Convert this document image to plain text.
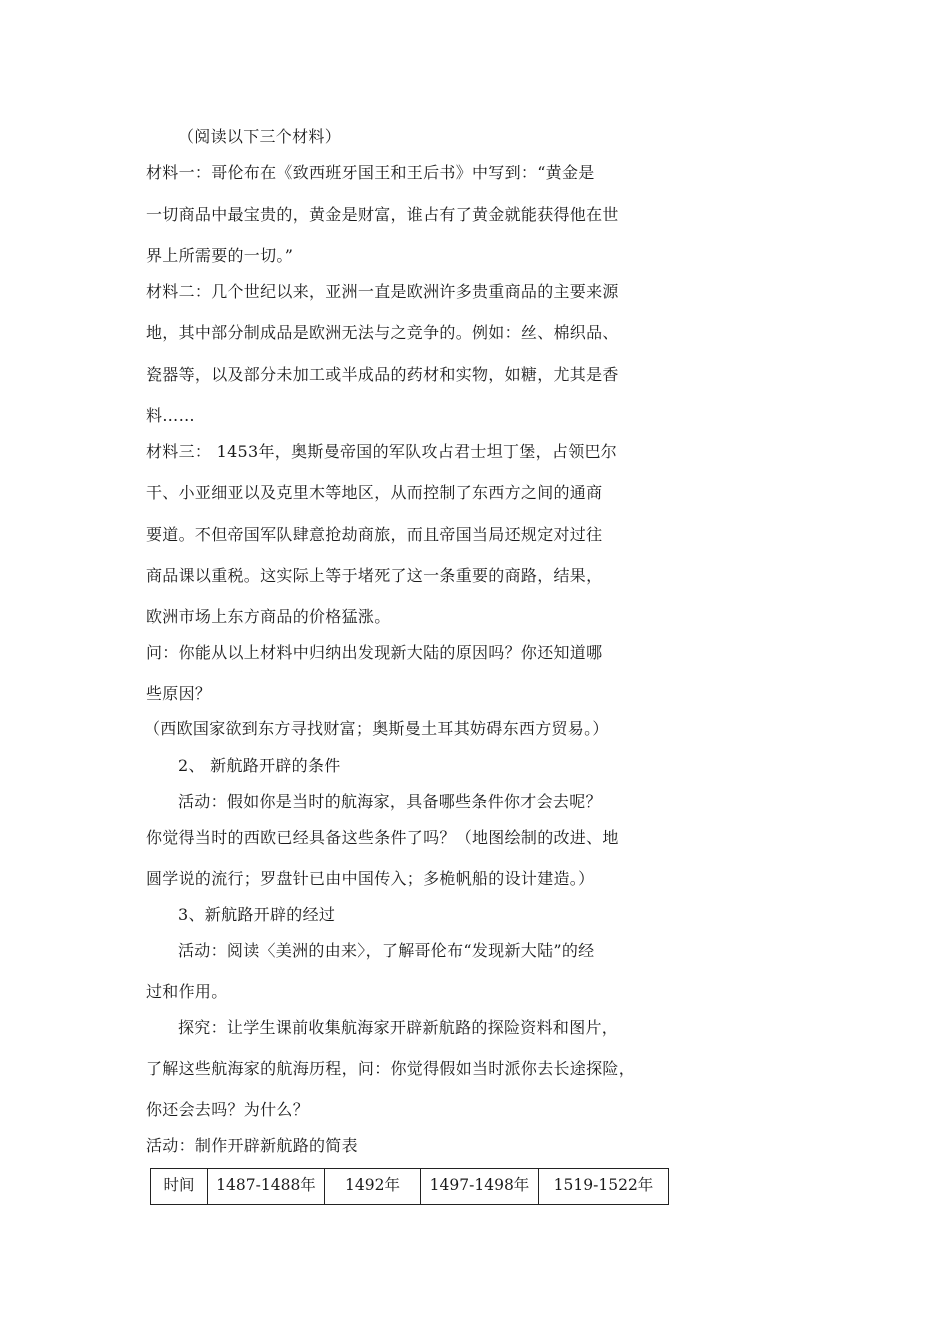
（阅读以下三个材料）
材料一：哥伦布在《致西班牙国王和王后书》中写到：“黄金是
一切商品中最宝贵的，黄金是财富，谁占有了黄金就能获得他在世
界上所需要的一切。”
材料二：几个世纪以来，亚洲一直是欧洲许多贵重商品的主要来源
地，其中部分制成品是欧洲无法与之竞争的。例如：丝、棉织品、
瓷器等，以及部分未加工或半成品的药材和实物，如糖，尤其是香
料……
材料三： 1453年，奥斯曼帝国的军队攻占君士坦丁堡，占领巴尔
干、小亚细亚以及克里木等地区，从而控制了东西方之间的通商
要道。不但帝国军队肆意抢劫商旅，而且帝国当局还规定对过往
商品课以重税。这实际上等于堵死了这一条重要的商路，结果，
欧洲市场上东方商品的价格猛涨。
问：你能从以上材料中归纳出发现新大陆的原因吗？你还知道哪
些原因？
（西欧国家欲到东方寻找财富；奥斯曼土耳其妨碍东西方贸易。）
2、 新航路开辟的条件
活动：假如你是当时的航海家，具备哪些条件你才会去呢？
你觉得当时的西欧已经具备这些条件了吗？（地图绘制的改进、地
圆学说的流行；罗盘针已由中国传入；多桅帆船的设计建造。）
3、新航路开辟的经过
活动：阅读〈美洲的由来〉，了解哥伦布“发现新大陆”的经
过和作用。
探究：让学生课前收集航海家开辟新航路的探险资料和图片，
了解这些航海家的航海历程，问：你觉得假如当时派你去长途探险，
你还会去吗？为什么？
活动：制作开辟新航路的简表
时间	1487-1488年	1492年	1497-1498年	1519-1522年
